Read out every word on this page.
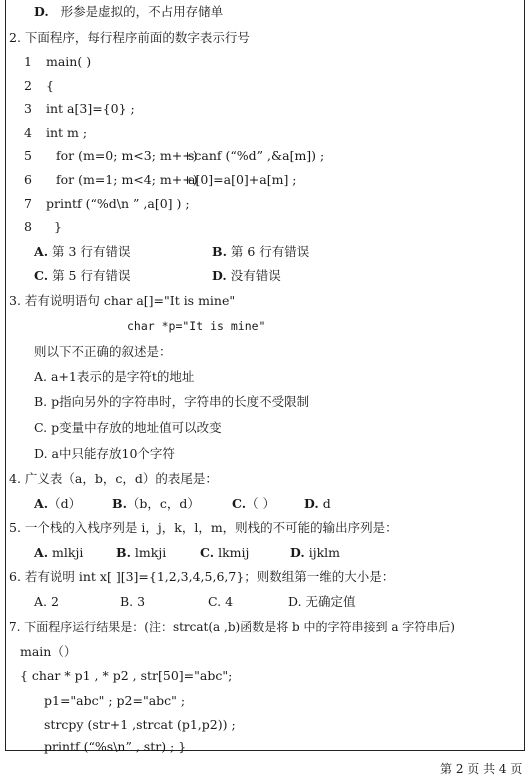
D. 形参是虚拟的，不占用存储单
2. 下面程序，每行程序前面的数字表示行号
1 main( )
2 {
3 int a[3]={0} ;
4 int m ;
5 for (m=0; m<3; m++)
scanf (“%d” ,&a[m]) ;
6 for (m=1; m<4; m++)
a[0]=a[0]+a[m] ;
7 printf (“%d\n ” ,a[0] ) ;
8 }
A. 第 3 行有错误	B. 第 6 行有错误
C. 第 5 行有错误	D. 没有错误
3. 若有说明语句 char a[]="It is mine"
char *p="It is mine"
则以下不正确的叙述是：
A. a+1表示的是字符t的地址
B. p指向另外的字符串时，字符串的长度不受限制
C. p变量中存放的地址值可以改变
D. a中只能存放10个字符
4. 广义表（a，b，c，d）的表尾是：
A.（d） B.（b，c，d）	C.（ ） D. d
5. 一个栈的入栈序列是 i，j，k，l，m，则栈的不可能的输出序列是：
A. mlkji	B. lmkji	C. lkmij	D. ijklm
6. 若有说明 int x[ ][3]={1,2,3,4,5,6,7}；则数组第一维的大小是：
A. 2	B. 3	C. 4	D. 无确定值
7. 下面程序运行结果是：(注：strcat(a ,b)函数是将 b 中的字符串接到 a 字符串后)
main（）
{ char * p1 , * p2 , str[50]="abc";
p1="abc" ; p2="abc" ;
strcpy (str+1 ,strcat (p1,p2)) ;
printf (“%s\n” , str) ; }
第 2 页 共 4 页
